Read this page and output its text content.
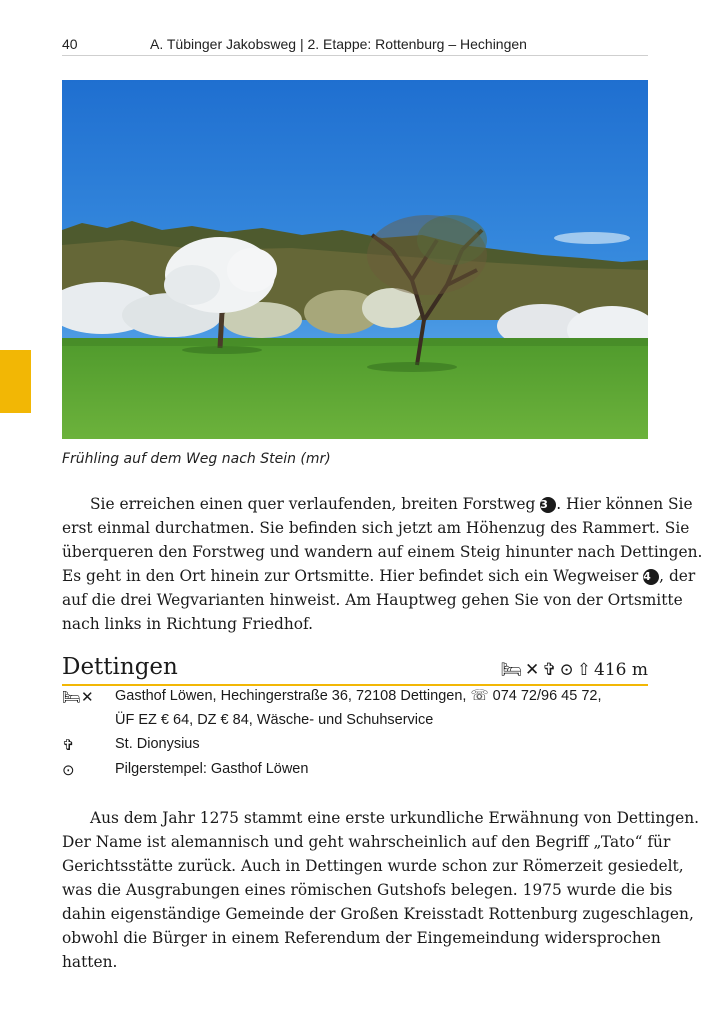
40	A. Tübinger Jakobsweg | 2. Etappe: Rottenburg – Hechingen
Frühling auf dem Weg nach Stein (mr)
Sie erreichen einen quer verlaufenden, breiten Forstweg 3 . Hier können Sie
erst einmal durchatmen. Sie befinden sich jetzt am Höhenzug des Rammert. Sie
überqueren den Forstweg und wandern auf einem Steig hinunter nach Dettingen.
Es geht in den Ort hinein zur Ortsmitte. Hier befindet sich ein Wegweiser 4 , der
auf die drei Wegvarianten hinweist. Am Hauptweg gehen Sie von der Ortsmitte
nach links in Richtung Friedhof.
Dettingen	🛏 ✕ ✞ ⊙ ⇧ 416 m
🛏✕ Gasthof Löwen, Hechingerstraße 36, 72108 Dettingen, ☏ 074 72/96 45 72,
ÜF EZ € 64, DZ € 84, Wäsche- und Schuhservice
✞	St. Dionysius
⊙	Pilgerstempel: Gasthof Löwen
Aus dem Jahr 1275 stammt eine erste urkundliche Erwähnung von Dettingen.
Der Name ist alemannisch und geht wahrscheinlich auf den Begriff „Tato“ für
Gerichtsstätte zurück. Auch in Dettingen wurde schon zur Römerzeit gesiedelt,
was die Ausgrabungen eines römischen Gutshofs belegen. 1975 wurde die bis
dahin eigenständige Gemeinde der Großen Kreisstadt Rottenburg zugeschlagen,
obwohl die Bürger in einem Referendum der Eingemeindung widersprochen
hatten.
